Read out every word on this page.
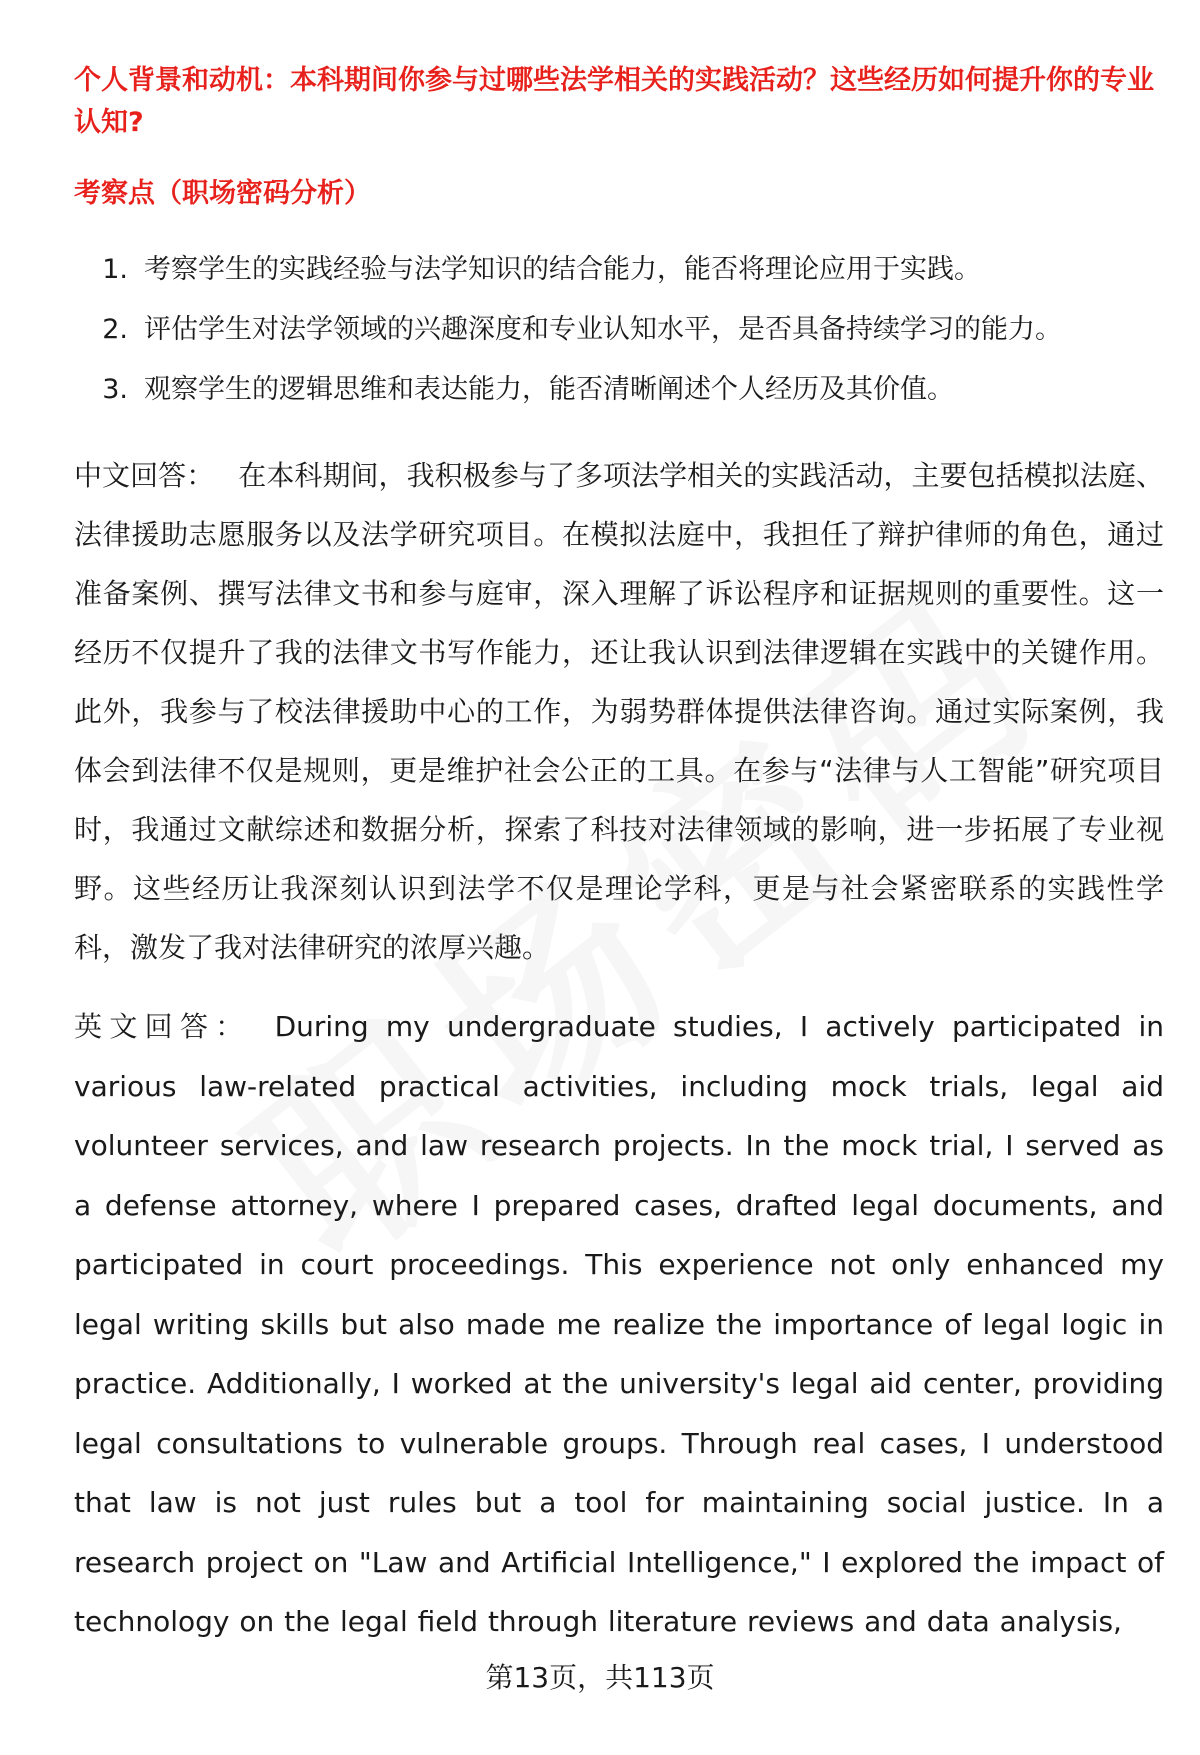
个人背景和动机：本科期间你参与过哪些法学相关的实践活动？这些经历如何提升你的专业认知?

考察点（职场密码分析）
1. 考察学生的实践经验与法学知识的结合能力，能否将理论应用于实践。
2. 评估学生对法学领域的兴趣深度和专业认知水平，是否具备持续学习的能力。
3. 观察学生的逻辑思维和表达能力，能否清晰阐述个人经历及其价值。

中文回答： 在本科期间，我积极参与了多项法学相关的实践活动，主要包括模拟法庭、法律援助志愿服务以及法学研究项目。在模拟法庭中，我担任了辩护律师的角色，通过准备案例、撰写法律文书和参与庭审，深入理解了诉讼程序和证据规则的重要性。这一经历不仅提升了我的法律文书写作能力，还让我认识到法律逻辑在实践中的关键作用。此外，我参与了校法律援助中心的工作，为弱势群体提供法律咨询。通过实际案例，我体会到法律不仅是规则，更是维护社会公正的工具。在参与“法律与人工智能”研究项目时，我通过文献综述和数据分析，探索了科技对法律领域的影响，进一步拓展了专业视野。这些经历让我深刻认识到法学不仅是理论学科，更是与社会紧密联系的实践性学科，激发了我对法律研究的浓厚兴趣。

英文回答： During my undergraduate studies, I actively participated in various law-related practical activities, including mock trials, legal aid volunteer services, and law research projects. In the mock trial, I served as a defense attorney, where I prepared cases, drafted legal documents, and participated in court proceedings. This experience not only enhanced my legal writing skills but also made me realize the importance of legal logic in practice. Additionally, I worked at the university's legal aid center, providing legal consultations to vulnerable groups. Through real cases, I understood that law is not just rules but a tool for maintaining social justice. In a research project on "Law and Artificial Intelligence," I explored the impact of technology on the legal field through literature reviews and data analysis,

第13页，共113页
